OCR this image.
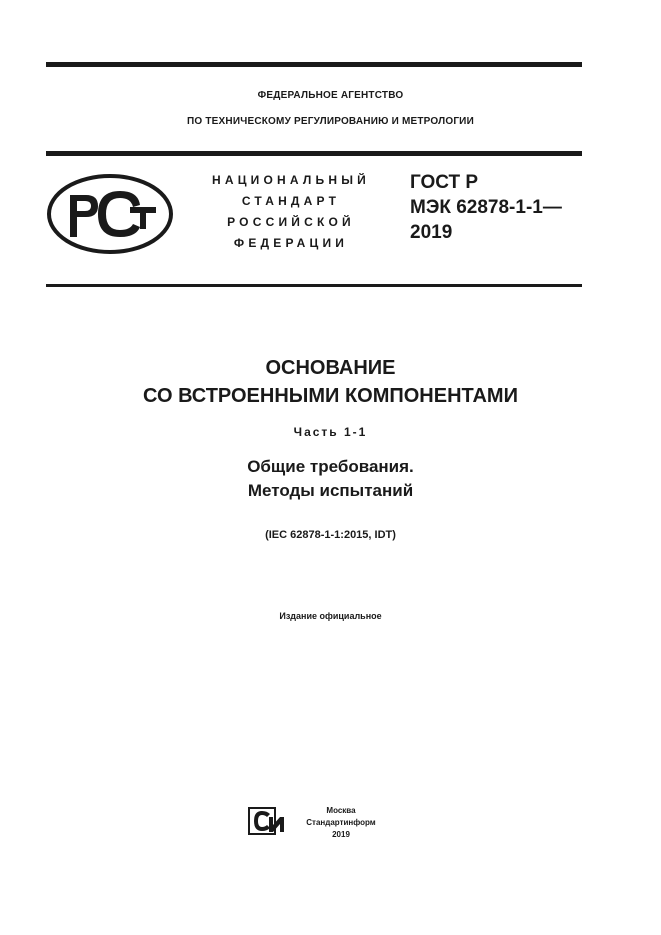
ФЕДЕРАЛЬНОЕ АГЕНТСТВО
ПО ТЕХНИЧЕСКОМУ РЕГУЛИРОВАНИЮ И МЕТРОЛОГИИ
НАЦИОНАЛЬНЫЙ
СТАНДАРТ
РОССИЙСКОЙ
ФЕДЕРАЦИИ
ГОСТ Р
МЭК 62878-1-1—
2019
ОСНОВАНИЕ
СО ВСТРОЕННЫМИ КОМПОНЕНТАМИ
Часть 1-1
Общие требования.
Методы испытаний
(IEC 62878-1-1:2015, IDT)
Издание официальное
Москва
Стандартинформ
2019
